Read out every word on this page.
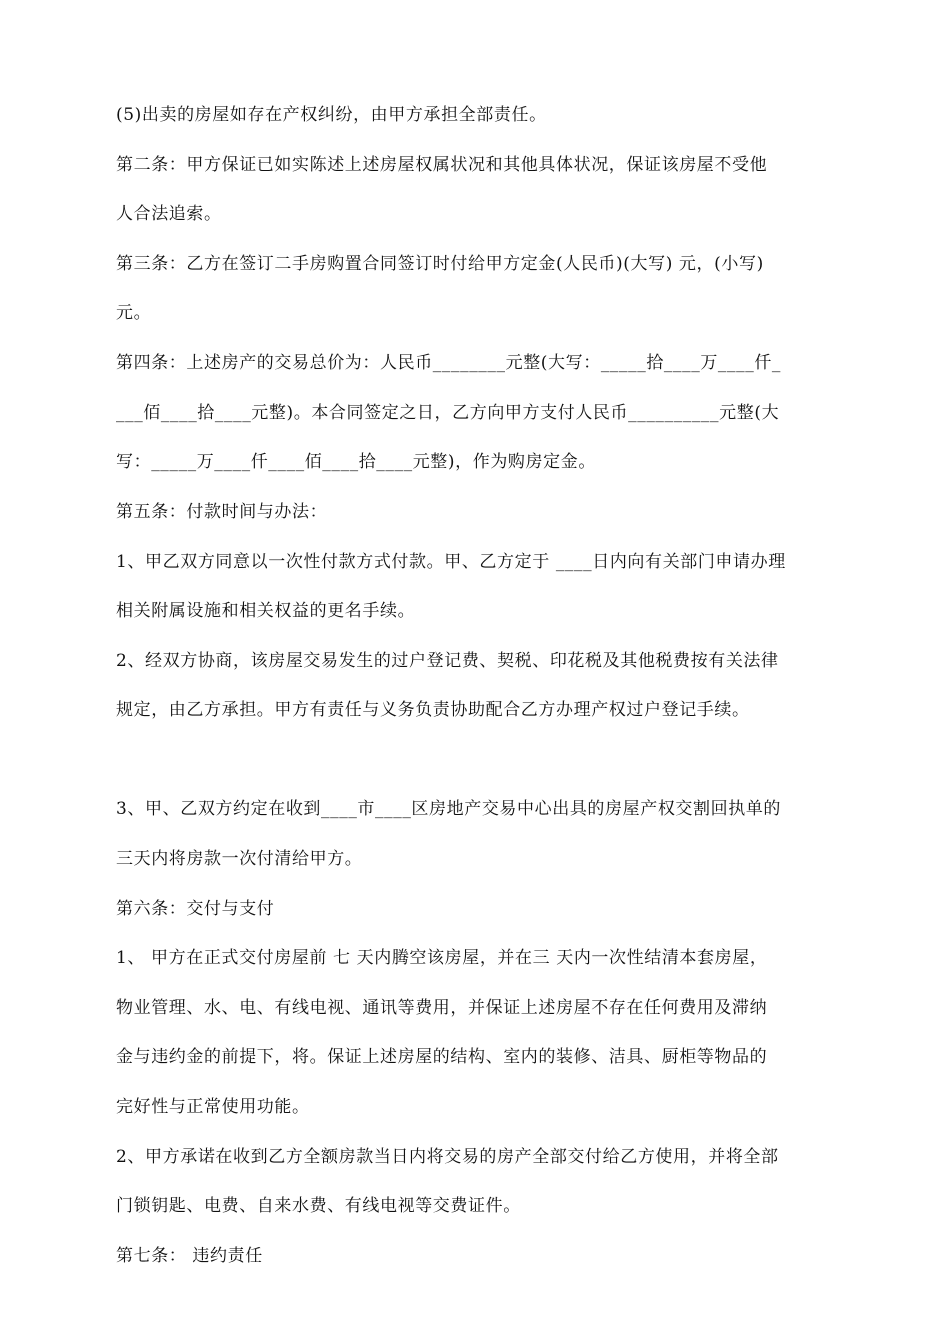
(5)出卖的房屋如存在产权纠纷，由甲方承担全部责任。
第二条：甲方保证已如实陈述上述房屋权属状况和其他具体状况，保证该房屋不受他
人合法追索。
第三条：乙方在签订二手房购置合同签订时付给甲方定金(人民币)(大写) 元，(小写)
元。
第四条：上述房产的交易总价为：人民币________元整(大写：_____拾____万____仟_
___佰____拾____元整)。本合同签定之日，乙方向甲方支付人民币__________元整(大
写：_____万____仟____佰____拾____元整)，作为购房定金。
第五条：付款时间与办法：
1、甲乙双方同意以一次性付款方式付款。甲、乙方定于 ____日内向有关部门申请办理
相关附属设施和相关权益的更名手续。
2、经双方协商，该房屋交易发生的过户登记费、契税、印花税及其他税费按有关法律
规定，由乙方承担。甲方有责任与义务负责协助配合乙方办理产权过户登记手续。
3、甲、乙双方约定在收到____市____区房地产交易中心出具的房屋产权交割回执单的
三天内将房款一次付清给甲方。
第六条：交付与支付
1、 甲方在正式交付房屋前 七 天内腾空该房屋，并在三 天内一次性结清本套房屋，
物业管理、水、电、有线电视、通讯等费用，并保证上述房屋不存在任何费用及滞纳
金与违约金的前提下，将。保证上述房屋的结构、室内的装修、洁具、厨柜等物品的
完好性与正常使用功能。
2、甲方承诺在收到乙方全额房款当日内将交易的房产全部交付给乙方使用，并将全部
门锁钥匙、电费、自来水费、有线电视等交费证件。
第七条： 违约责任
